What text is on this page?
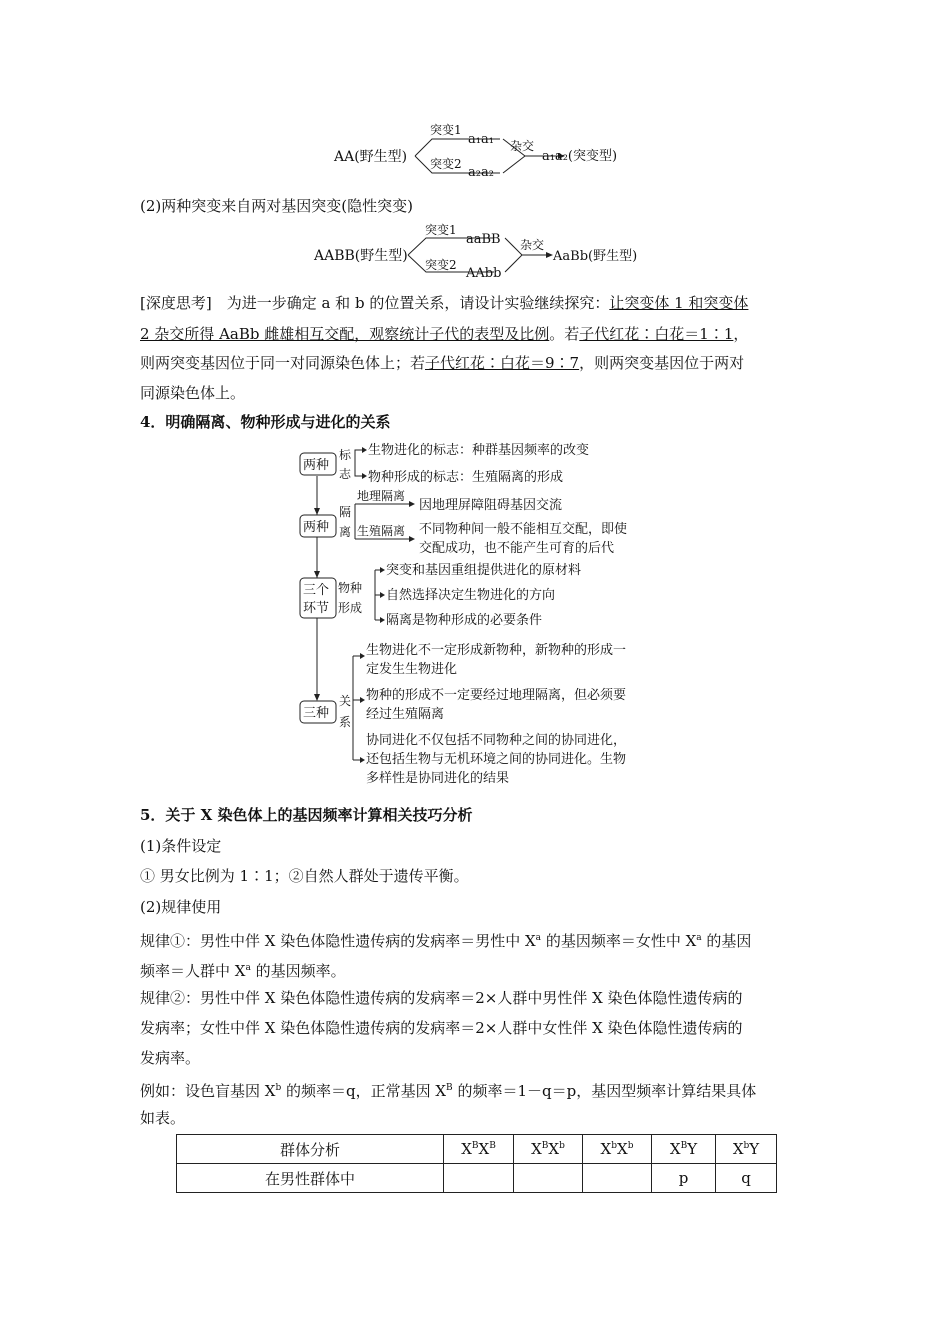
AA(野生型)
突变1
突变2
a₁a₁
a₂a₂
杂交
a₁a₂(突变型)
(2)两种突变来自两对基因突变(隐性突变)
AABB(野生型)
突变1
突变2
aaBB
AAbb
杂交
AaBb(野生型)
[深度思考]　为进一步确定 a 和 b 的位置关系，请设计实验继续探究：让突变体 1 和突变体
2 杂交所得 AaBb 雌雄相互交配，观察统计子代的表型及比例。若子代红花∶白花＝1∶1，
则两突变基因位于同一对同源染色体上；若子代红花∶白花＝9∶7，则两突变基因位于两对
同源染色体上。
4．明确隔离、物种形成与进化的关系
两种
标
志
生物进化的标志：种群基因频率的改变
物种形成的标志：生殖隔离的形成
两种
隔
离
地理隔离
生殖隔离
因地理屏障阻碍基因交流
不同物种间一般不能相互交配，即使
交配成功，也不能产生可育的后代
三个
环节
物种
形成
突变和基因重组提供进化的原材料
自然选择决定生物进化的方向
隔离是物种形成的必要条件
三种
关
系
生物进化不一定形成新物种，新物种的形成一
定发生生物进化
物种的形成不一定要经过地理隔离，但必须要
经过生殖隔离
协同进化不仅包括不同物种之间的协同进化，
还包括生物与无机环境之间的协同进化。生物
多样性是协同进化的结果
5．关于 X 染色体上的基因频率计算相关技巧分析
(1)条件设定
① 男女比例为 1∶1；②自然人群处于遗传平衡。
(2)规律使用
规律①：男性中伴 X 染色体隐性遗传病的发病率＝男性中 $X^a$ 的基因频率＝女性中 $X^a$ 的基因
频率＝人群中 $X^a$ 的基因频率。
规律②：男性中伴 X 染色体隐性遗传病的发病率＝2×人群中男性伴 X 染色体隐性遗传病的
发病率；女性中伴 X 染色体隐性遗传病的发病率＝2×人群中女性伴 X 染色体隐性遗传病的
发病率。
例如：设色盲基因 $X^b$ 的频率＝q，正常基因 $X^B$ 的频率＝1－q＝p，基因型频率计算结果具体
如表。
群体分析	$X^BX^B$	$X^BX^b$	$X^bX^b$	$X^BY$	$X^bY$
在男性群体中				p	q
